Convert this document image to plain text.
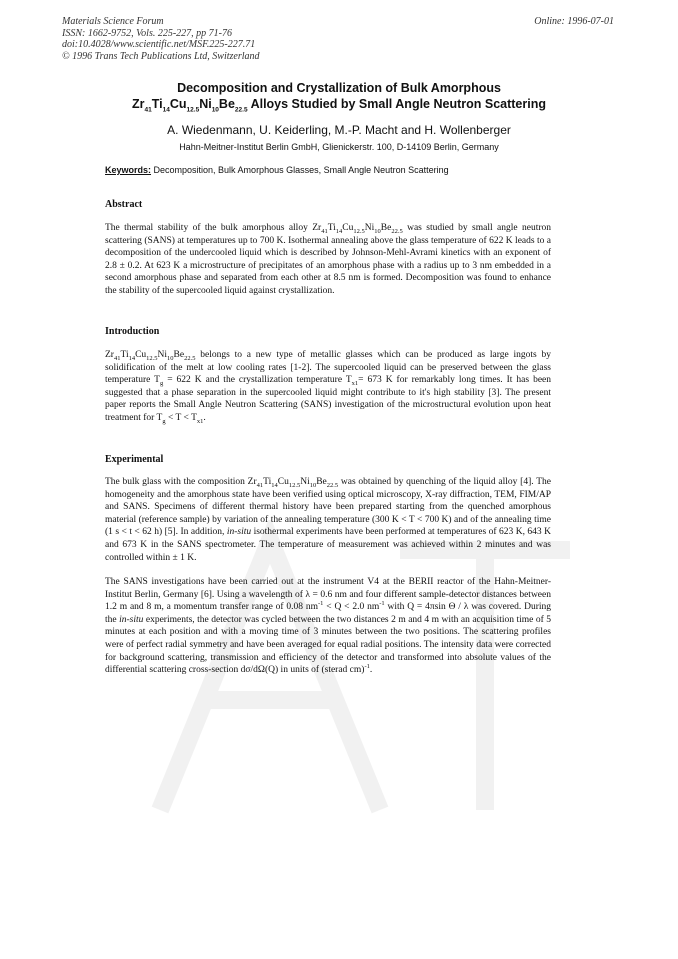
Materials Science Forum
ISSN: 1662-9752, Vols. 225-227, pp 71-76
doi:10.4028/www.scientific.net/MSF.225-227.71
© 1996 Trans Tech Publications Ltd, Switzerland
Online: 1996-07-01
Decomposition and Crystallization of Bulk Amorphous
$Zr_{41}Ti_{14}Cu_{12.5}Ni_{10}Be_{22.5}$ Alloys Studied by Small Angle Neutron Scattering
A. Wiedenmann, U. Keiderling, M.-P. Macht and H. Wollenberger
Hahn-Meitner-Institut Berlin GmbH, Glienickerstr. 100, D-14109 Berlin, Germany
Keywords: Decomposition, Bulk Amorphous Glasses, Small Angle Neutron Scattering
Abstract
The thermal stability of the bulk amorphous alloy $Zr_{41}Ti_{14}Cu_{12.5}Ni_{10}Be_{22.5}$ was studied by small angle neutron scattering (SANS) at temperatures up to 700 K. Isothermal annealing above the glass temperature of 622 K leads to a decomposition of the undercooled liquid which is described by Johnson-Mehl-Avrami kinetics with an exponent of 2.8 ± 0.2. At 623 K a microstructure of precipitates of an amorphous phase with a radius up to 3 nm embedded in a second amorphous phase and separated from each other at 8.5 nm is formed. Decomposition was found to enhance the stability of the supercooled liquid against crystallization.
Introduction
$Zr_{41}Ti_{14}Cu_{12.5}Ni_{10}Be_{22.5}$ belongs to a new type of metallic glasses which can be produced as large ingots by solidification of the melt at low cooling rates [1-2]. The supercooled liquid can be preserved between the glass temperature $T_g = 622$ K and the crystallization temperature $T_{x1}= 673$ K for remarkably long times. It has been suggested that a phase separation in the supercooled liquid might contribute to it's high stability [3]. The present paper reports the Small Angle Neutron Scattering (SANS) investigation of the microstructural evolution upon heat treatment for $T_g < T < T_{x1}$.
Experimental
The bulk glass with the composition $Zr_{41}Ti_{14}Cu_{12.5}Ni_{10}Be_{22.5}$ was obtained by quenching of the liquid alloy [4]. The homogeneity and the amorphous state have been verified using optical microscopy, X-ray diffraction, TEM, FIM/AP and SANS. Specimens of different thermal history have been prepared starting from the quenched amorphous material (reference sample) by variation of the annealing temperature (300 K < T < 700 K) and of the annealing time (1 s < t < 62 h) [5]. In addition, in-situ isothermal experiments have been performed at temperatures of 623 K, 643 K and 673 K in the SANS spectrometer. The temperature of measurement was achieved within 2 minutes and was controlled within ± 1 K.
The SANS investigations have been carried out at the instrument V4 at the BERII reactor of the Hahn-Meitner-Institut Berlin, Germany [6]. Using a wavelength of λ = 0.6 nm and four different sample-detector distances between 1.2 m and 8 m, a momentum transfer range of 0.08 $nm^{-1} < Q < 2.0$ $nm^{-1}$ with Q = 4πsin Θ / λ was covered. During the in-situ experiments, the detector was cycled between the two distances 2 m and 4 m with an acquisition time of 5 minutes at each position and with a moving time of 3 minutes between the two positions. The scattering profiles were of perfect radial symmetry and have been averaged for equal radial positions. The intensity data were corrected for background scattering, transmission and efficiency of the detector and transformed into absolute values of the differential scattering cross-section dσ/dΩ(Q) in units of (sterad cm)$^{-1}$.
